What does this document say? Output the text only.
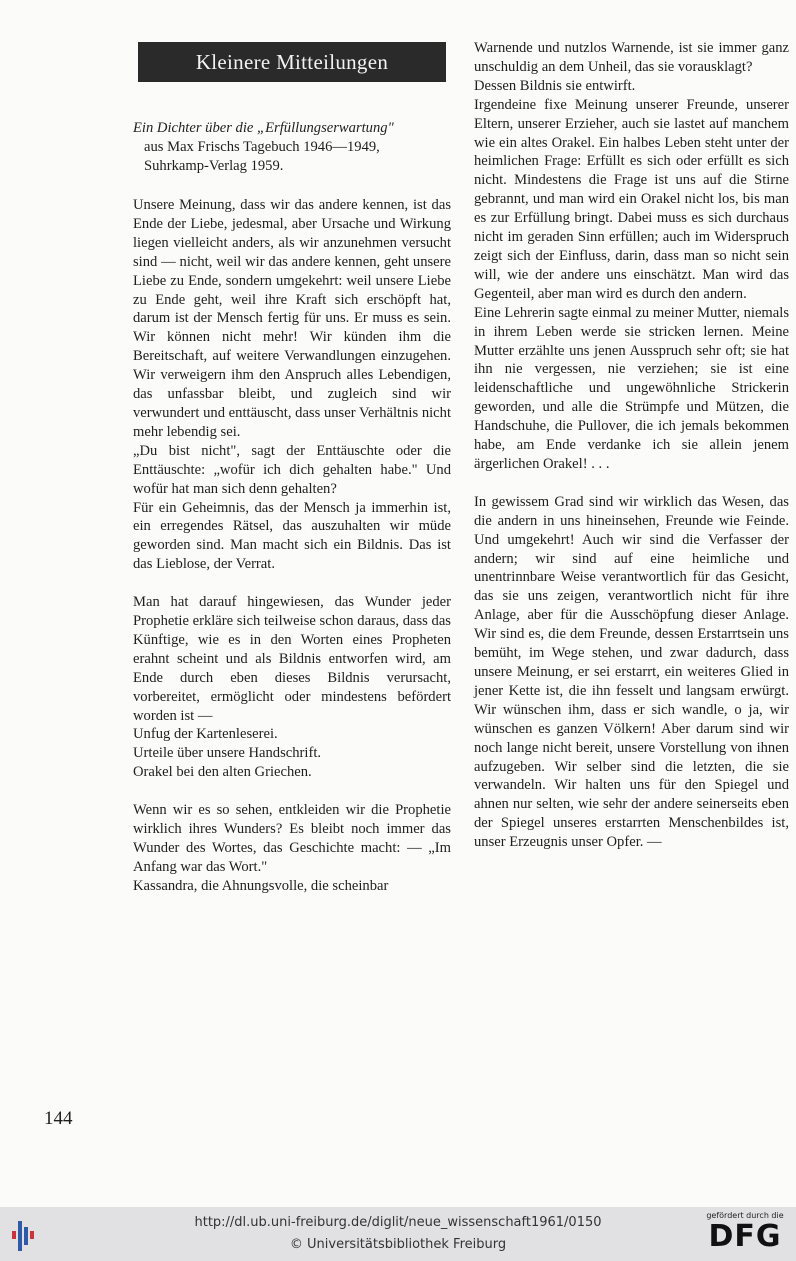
Kleinere Mitteilungen
Ein Dichter über die „Erfüllungserwartung"
aus Max Frischs Tagebuch 1946—1949,
Suhrkamp-Verlag 1959.

Unsere Meinung, dass wir das andere kennen, ist das Ende der Liebe, jedesmal, aber Ursache und Wirkung liegen vielleicht anders, als wir anzunehmen versucht sind — nicht, weil wir das andere kennen, geht unsere Liebe zu Ende, sondern umgekehrt: weil unsere Liebe zu Ende geht, weil ihre Kraft sich erschöpft hat, darum ist der Mensch fertig für uns. Er muss es sein. Wir können nicht mehr! Wir künden ihm die Bereitschaft, auf weitere Verwandlungen einzugehen. Wir verweigern ihm den Anspruch alles Lebendigen, das unfassbar bleibt, und zugleich sind wir verwundert und enttäuscht, dass unser Verhältnis nicht mehr lebendig sei.

„Du bist nicht", sagt der Enttäuschte oder die Enttäuschte: „wofür ich dich gehalten habe." Und wofür hat man sich denn gehalten?

Für ein Geheimnis, das der Mensch ja immerhin ist, ein erregendes Rätsel, das auszuhalten wir müde geworden sind. Man macht sich ein Bildnis. Das ist das Lieblose, der Verrat.

Man hat darauf hingewiesen, das Wunder jeder Prophetie erkläre sich teilweise schon daraus, dass das Künftige, wie es in den Worten eines Propheten erahnt scheint und als Bildnis entworfen wird, am Ende durch eben dieses Bildnis verursacht, vorbereitet, ermöglicht oder mindestens befördert worden ist —

Unfug der Kartenleserei.

Urteile über unsere Handschrift.

Orakel bei den alten Griechen.

Wenn wir es so sehen, entkleiden wir die Prophetie wirklich ihres Wunders? Es bleibt noch immer das Wunder des Wortes, das Geschichte macht: — „Im Anfang war das Wort."

Kassandra, die Ahnungsvolle, die scheinbar

Warnende und nutzlos Warnende, ist sie immer ganz unschuldig an dem Unheil, das sie vorausklagt?

Dessen Bildnis sie entwirft.

Irgendeine fixe Meinung unserer Freunde, unserer Eltern, unserer Erzieher, auch sie lastet auf manchem wie ein altes Orakel. Ein halbes Leben steht unter der heimlichen Frage: Erfüllt es sich oder erfüllt es sich nicht. Mindestens die Frage ist uns auf die Stirne gebrannt, und man wird ein Orakel nicht los, bis man es zur Erfüllung bringt. Dabei muss es sich durchaus nicht im geraden Sinn erfüllen; auch im Widerspruch zeigt sich der Einfluss, darin, dass man so nicht sein will, wie der andere uns einschätzt. Man wird das Gegenteil, aber man wird es durch den andern.

Eine Lehrerin sagte einmal zu meiner Mutter, niemals in ihrem Leben werde sie stricken lernen. Meine Mutter erzählte uns jenen Ausspruch sehr oft; sie hat ihn nie vergessen, nie verziehen; sie ist eine leidenschaftliche und ungewöhnliche Strickerin geworden, und alle die Strümpfe und Mützen, die Handschuhe, die Pullover, die ich jemals bekommen habe, am Ende verdanke ich sie allein jenem ärgerlichen Orakel! . . .

In gewissem Grad sind wir wirklich das Wesen, das die andern in uns hineinsehen, Freunde wie Feinde. Und umgekehrt! Auch wir sind die Verfasser der andern; wir sind auf eine heimliche und unentrinnbare Weise verantwortlich für das Gesicht, das sie uns zeigen, verantwortlich nicht für ihre Anlage, aber für die Ausschöpfung dieser Anlage. Wir sind es, die dem Freunde, dessen Erstarrtsein uns bemüht, im Wege stehen, und zwar dadurch, dass unsere Meinung, er sei erstarrt, ein weiteres Glied in jener Kette ist, die ihn fesselt und langsam erwürgt. Wir wünschen ihm, dass er sich wandle, o ja, wir wünschen es ganzen Völkern! Aber darum sind wir noch lange nicht bereit, unsere Vorstellung von ihnen aufzugeben. Wir selber sind die letzten, die sie verwandeln. Wir halten uns für den Spiegel und ahnen nur selten, wie sehr der andere seinerseits eben der Spiegel unseres erstarrten Menschenbildes ist, unser Erzeugnis unser Opfer. —

144
http://dl.ub.uni-freiburg.de/diglit/neue_wissenschaft1961/0150
© Universitätsbibliothek Freiburg
gefördert durch die
DFG
